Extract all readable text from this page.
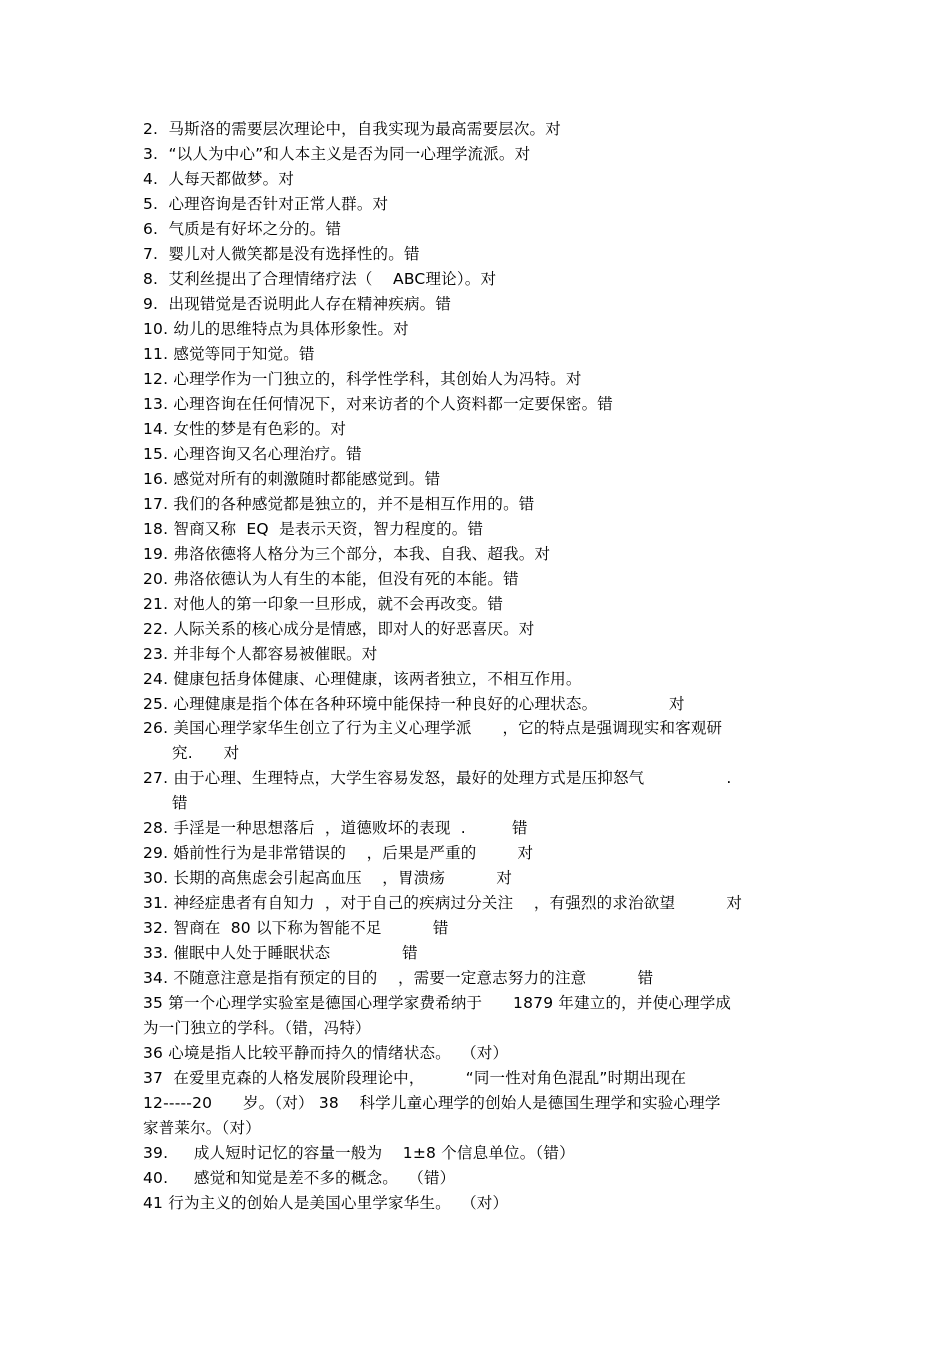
2.  马斯洛的需要层次理论中，自我实现为最高需要层次。对
3.  “以人为中心”和人本主义是否为同一心理学流派。对
4.  人每天都做梦。对
5.  心理咨询是否针对正常人群。对
6.  气质是有好坏之分的。错
7.  婴儿对人微笑都是没有选择性的。错
8.  艾利丝提出了合理情绪疗法（    ABC理论）。对
9.  出现错觉是否说明此人存在精神疾病。错
10. 幼儿的思维特点为具体形象性。对
11. 感觉等同于知觉。错
12. 心理学作为一门独立的，科学性学科，其创始人为冯特。对
13. 心理咨询在任何情况下，对来访者的个人资料都一定要保密。错
14. 女性的梦是有色彩的。对
15. 心理咨询又名心理治疗。错
16. 感觉对所有的刺激随时都能感觉到。错
17. 我们的各种感觉都是独立的，并不是相互作用的。错
18. 智商又称  EQ  是表示天资，智力程度的。错
19. 弗洛依德将人格分为三个部分，本我、自我、超我。对
20. 弗洛依德认为人有生的本能，但没有死的本能。错
21. 对他人的第一印象一旦形成，就不会再改变。错
22. 人际关系的核心成分是情感，即对人的好恶喜厌。对
23. 并非每个人都容易被催眠。对
24. 健康包括身体健康、心理健康，该两者独立，不相互作用。
25. 心理健康是指个体在各种环境中能保持一种良好的心理状态。              对
26. 美国心理学家华生创立了行为主义心理学派      ，它的特点是强调现实和客观研
究.      对
27. 由于心理、生理特点，大学生容易发怒，最好的处理方式是压抑怒气                .
错
28. 手淫是一种思想落后  ，道德败坏的表现  .         错
29. 婚前性行为是非常错误的    ，后果是严重的        对
30. 长期的高焦虑会引起高血压    ，胃溃疡          对
31. 神经症患者有自知力  ，对于自己的疾病过分关注    ，有强烈的求治欲望          对
32. 智商在  80 以下称为智能不足          错
33. 催眠中人处于睡眠状态              错
34. 不随意注意是指有预定的目的    ，需要一定意志努力的注意          错
35 第一个心理学实验室是德国心理学家费希纳于      1879 年建立的，并使心理学成
为一门独立的学科。（错，冯特）
36 心境是指人比较平静而持久的情绪状态。  （对）
37  在爱里克森的人格发展阶段理论中，        “同一性对角色混乱”时期出现在
12-----20      岁。（对） 38    科学儿童心理学的创始人是德国生理学和实验心理学
家普莱尔。（对）
39.     成人短时记忆的容量一般为    1±8 个信息单位。（错）
40.     感觉和知觉是差不多的概念。  （错）
41 行为主义的创始人是美国心里学家华生。  （对）
